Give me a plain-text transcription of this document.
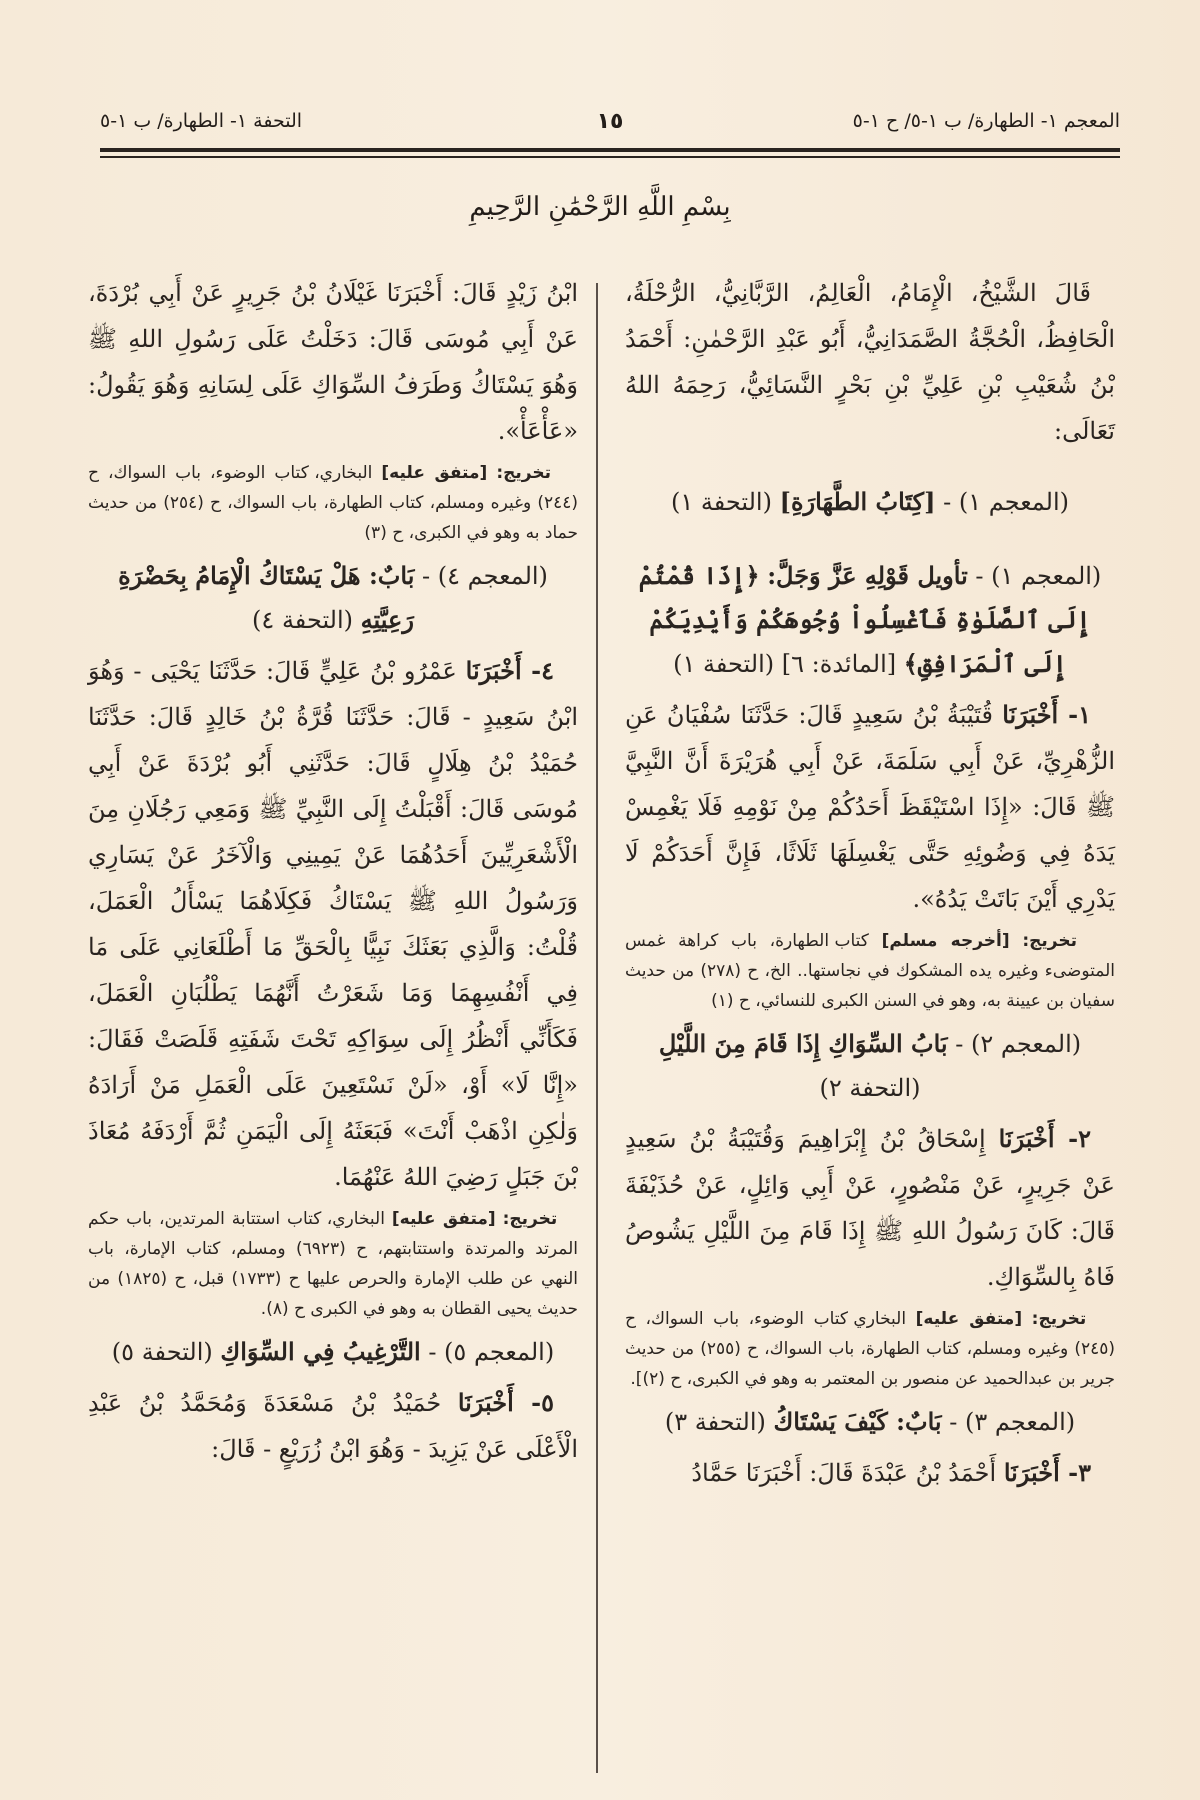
المعجم ١- الطهارة/ ب ١-٥/ ح ١-٥
١٥
التحفة ١- الطهارة/ ب ١-٥
بِسْمِ اللَّهِ الرَّحْمَٰنِ الرَّحِيمِ

قَالَ الشَّيْخُ، الْإِمَامُ، الْعَالِمُ، الرَّبَّانِيُّ، الرُّحْلَةُ، الْحَافِظُ، الْحُجَّةُ الصَّمَدَانِيُّ، أَبُو عَبْدِ الرَّحْمٰنِ: أَحْمَدُ بْنُ شُعَيْبِ بْنِ عَلِيِّ بْنِ بَحْرٍ النَّسَائِيُّ، رَحِمَهُ اللهُ تَعَالَى:

(المعجم ١) - [كِتَابُ الطَّهَارَةِ] (التحفة ١)
(المعجم ١) - تأويل قَوْلِهِ عَزَّ وَجَلَّ: ﴿إِذَا قُمْتُمْ إِلَى ٱلصَّلَوٰةِ فَٱغْسِلُواْ وُجُوهَكُمْ وَأَيْدِيَكُمْ إِلَى ٱلْمَرَافِقِ﴾ [المائدة: ٦] (التحفة ١)

١- أَخْبَرَنَا قُتَيْبَةُ بْنُ سَعِيدٍ قَالَ: حَدَّثَنَا سُفْيَانُ عَنِ الزُّهْرِيِّ، عَنْ أَبِي سَلَمَةَ، عَنْ أَبِي هُرَيْرَةَ أَنَّ النَّبِيَّ ﷺ قَالَ: «إِذَا اسْتَيْقَظَ أَحَدُكُمْ مِنْ نَوْمِهِ فَلَا يَغْمِسْ يَدَهُ فِي وَضُوئِهِ حَتَّى يَغْسِلَهَا ثَلَاثًا، فَإِنَّ أَحَدَكُمْ لَا يَدْرِي أَيْنَ بَاتَتْ يَدُهُ».

تخريج: [أخرجه مسلم] كتاب الطهارة، باب كراهة غمس المتوضىء وغيره يده المشكوك في نجاستها.. الخ، ح (٢٧٨) من حديث سفيان بن عيينة به، وهو في السنن الكبرى للنسائي، ح (١)

(المعجم ٢) - بَابُ السِّوَاكِ إِذَا قَامَ مِنَ اللَّيْلِ
(التحفة ٢)

٢- أَخْبَرَنَا إِسْحَاقُ بْنُ إِبْرَاهِيمَ وَقُتَيْبَةُ بْنُ سَعِيدٍ عَنْ جَرِيرٍ، عَنْ مَنْصُورٍ، عَنْ أَبِي وَائِلٍ، عَنْ حُذَيْفَةَ قَالَ: كَانَ رَسُولُ اللهِ ﷺ إِذَا قَامَ مِنَ اللَّيْلِ يَشُوصُ فَاهُ بِالسِّوَاكِ.

تخريج: [متفق عليه] البخاري كتاب الوضوء، باب السواك، ح (٢٤٥) وغيره ومسلم، كتاب الطهارة، باب السواك، ح (٢٥٥) من حديث جرير بن عبدالحميد عن منصور بن المعتمر به وهو في الكبرى، ح (٢)].

(المعجم ٣) - بَابٌ: كَيْفَ يَسْتَاكُ (التحفة ٣)

٣- أَخْبَرَنَا أَحْمَدُ بْنُ عَبْدَةَ قَالَ: أَخْبَرَنَا حَمَّادُ

ابْنُ زَيْدٍ قَالَ: أَخْبَرَنَا غَيْلَانُ بْنُ جَرِيرٍ عَنْ أَبِي بُرْدَةَ، عَنْ أَبِي مُوسَى قَالَ: دَخَلْتُ عَلَى رَسُولِ اللهِ ﷺ وَهُوَ يَسْتَاكُ وَطَرَفُ السِّوَاكِ عَلَى لِسَانِهِ وَهُوَ يَقُولُ: «عَأْعَأْ».

تخريج: [متفق عليه] البخاري، كتاب الوضوء، باب السواك، ح (٢٤٤) وغيره ومسلم، كتاب الطهارة، باب السواك، ح (٢٥٤) من حديث حماد به وهو في الكبرى، ح (٣)

(المعجم ٤) - بَابٌ: هَلْ يَسْتَاكُ الْإِمَامُ بِحَضْرَةِ رَعِيَّتِهِ (التحفة ٤)

٤- أَخْبَرَنَا عَمْرُو بْنُ عَلِيٍّ قَالَ: حَدَّثَنَا يَحْيَى - وَهُوَ ابْنُ سَعِيدٍ - قَالَ: حَدَّثَنَا قُرَّةُ بْنُ خَالِدٍ قَالَ: حَدَّثَنَا حُمَيْدُ بْنُ هِلَالٍ قَالَ: حَدَّثَنِي أَبُو بُرْدَةَ عَنْ أَبِي مُوسَى قَالَ: أَقْبَلْتُ إِلَى النَّبِيِّ ﷺ وَمَعِي رَجُلَانِ مِنَ الْأَشْعَرِيِّينَ أَحَدُهُمَا عَنْ يَمِينِي وَالْآخَرُ عَنْ يَسَارِي وَرَسُولُ اللهِ ﷺ يَسْتَاكُ فَكِلَاهُمَا يَسْأَلُ الْعَمَلَ، قُلْتُ: وَالَّذِي بَعَثَكَ نَبِيًّا بِالْحَقِّ مَا أَطْلَعَانِي عَلَى مَا فِي أَنْفُسِهِمَا وَمَا شَعَرْتُ أَنَّهُمَا يَطْلُبَانِ الْعَمَلَ، فَكَأَنِّي أَنْظُرُ إِلَى سِوَاكِهِ تَحْتَ شَفَتِهِ قَلَصَتْ فَقَالَ: «إِنَّا لَا» أَوْ، «لَنْ نَسْتَعِينَ عَلَى الْعَمَلِ مَنْ أَرَادَهُ وَلٰكِنِ اذْهَبْ أَنْتَ» فَبَعَثَهُ إِلَى الْيَمَنِ ثُمَّ أَرْدَفَهُ مُعَاذَ بْنَ جَبَلٍ رَضِيَ اللهُ عَنْهُمَا.

تخريج: [متفق عليه] البخاري، كتاب استتابة المرتدين، باب حكم المرتد والمرتدة واستتابتهم، ح (٦٩٢٣) ومسلم، كتاب الإمارة، باب النهي عن طلب الإمارة والحرص عليها ح (١٧٣٣) قبل، ح (١٨٢٥) من حديث يحيى القطان به وهو في الكبرى ح (٨).

(المعجم ٥) - التَّرْغِيبُ فِي السِّوَاكِ (التحفة ٥)

٥- أَخْبَرَنَا حُمَيْدُ بْنُ مَسْعَدَةَ وَمُحَمَّدُ بْنُ عَبْدِ الْأَعْلَى عَنْ يَزِيدَ - وَهُوَ ابْنُ زُرَيْعٍ - قَالَ:
